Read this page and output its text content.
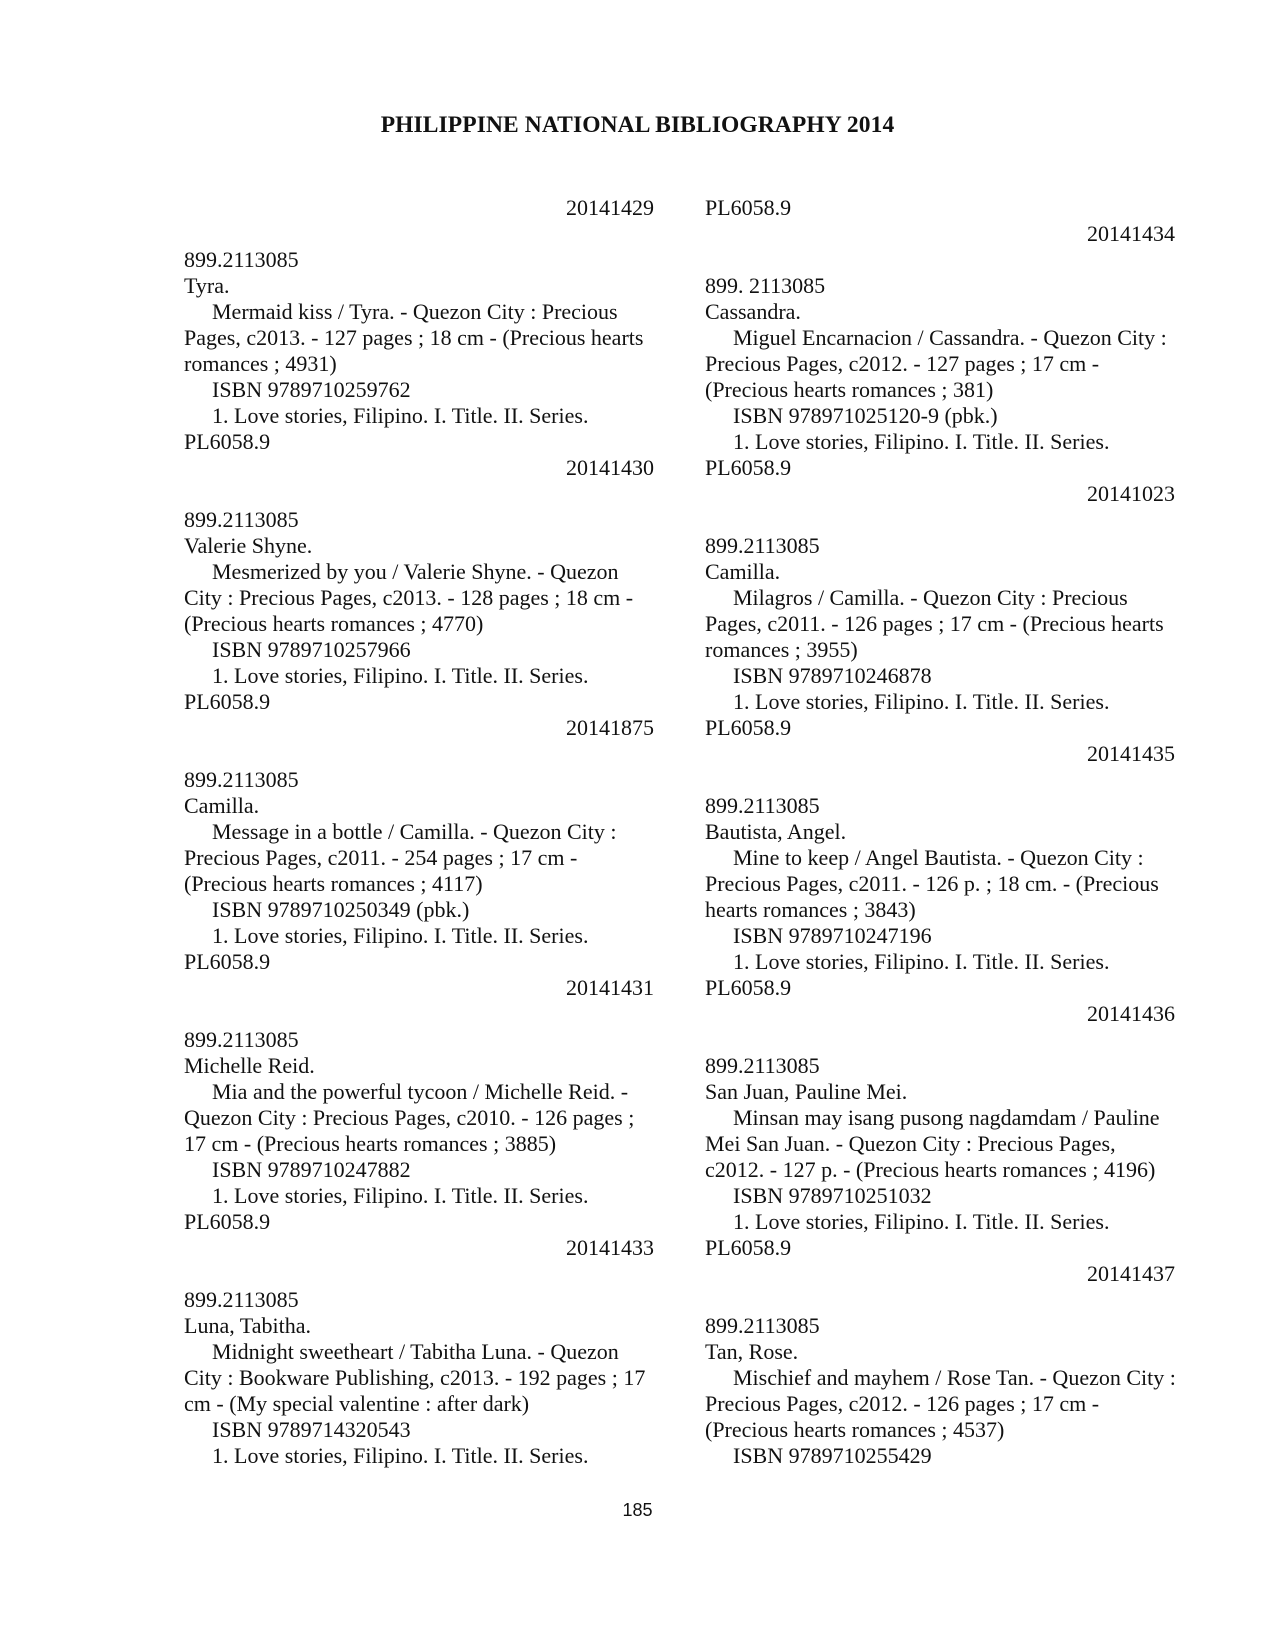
PHILIPPINE NATIONAL BIBLIOGRAPHY 2014
20141429
899.2113085
Tyra.
Mermaid kiss / Tyra. - Quezon City : Precious
Pages, c2013. - 127 pages ; 18 cm - (Precious hearts
romances ; 4931)
ISBN 9789710259762
1. Love stories, Filipino. I. Title. II. Series.
PL6058.9
20141430
899.2113085
Valerie Shyne.
Mesmerized by you / Valerie Shyne. - Quezon
City : Precious Pages, c2013. - 128 pages ; 18 cm -
(Precious hearts romances ; 4770)
ISBN 9789710257966
1. Love stories, Filipino. I. Title. II. Series.
PL6058.9
20141875
899.2113085
Camilla.
Message in a bottle / Camilla. - Quezon City :
Precious Pages, c2011. - 254 pages ; 17 cm -
(Precious hearts romances ; 4117)
ISBN 9789710250349 (pbk.)
1. Love stories, Filipino. I. Title. II. Series.
PL6058.9
20141431
899.2113085
Michelle Reid.
Mia and the powerful tycoon / Michelle Reid. -
Quezon City : Precious Pages, c2010. - 126 pages ;
17 cm - (Precious hearts romances ; 3885)
ISBN 9789710247882
1. Love stories, Filipino. I. Title. II. Series.
PL6058.9
20141433
899.2113085
Luna, Tabitha.
Midnight sweetheart / Tabitha Luna. - Quezon
City : Bookware Publishing, c2013. - 192 pages ; 17
cm - (My special valentine : after dark)
ISBN 9789714320543
1. Love stories, Filipino. I. Title. II. Series.
PL6058.9
20141434
899. 2113085
Cassandra.
Miguel Encarnacion / Cassandra. - Quezon City :
Precious Pages, c2012. - 127 pages ; 17 cm -
(Precious hearts romances ; 381)
ISBN 978971025120-9 (pbk.)
1. Love stories, Filipino. I. Title. II. Series.
PL6058.9
20141023
899.2113085
Camilla.
Milagros / Camilla. - Quezon City : Precious
Pages, c2011. - 126 pages ; 17 cm - (Precious hearts
romances ; 3955)
ISBN 9789710246878
1. Love stories, Filipino. I. Title. II. Series.
PL6058.9
20141435
899.2113085
Bautista, Angel.
Mine to keep / Angel Bautista. - Quezon City :
Precious Pages, c2011. - 126 p. ; 18 cm. - (Precious
hearts romances ; 3843)
ISBN 9789710247196
1. Love stories, Filipino. I. Title. II. Series.
PL6058.9
20141436
899.2113085
San Juan, Pauline Mei.
Minsan may isang pusong nagdamdam / Pauline
Mei San Juan. - Quezon City : Precious Pages,
c2012. - 127 p. - (Precious hearts romances ; 4196)
ISBN 9789710251032
1. Love stories, Filipino. I. Title. II. Series.
PL6058.9
20141437
899.2113085
Tan, Rose.
Mischief and mayhem / Rose Tan. - Quezon City :
Precious Pages, c2012. - 126 pages ; 17 cm -
(Precious hearts romances ; 4537)
ISBN 9789710255429
185
